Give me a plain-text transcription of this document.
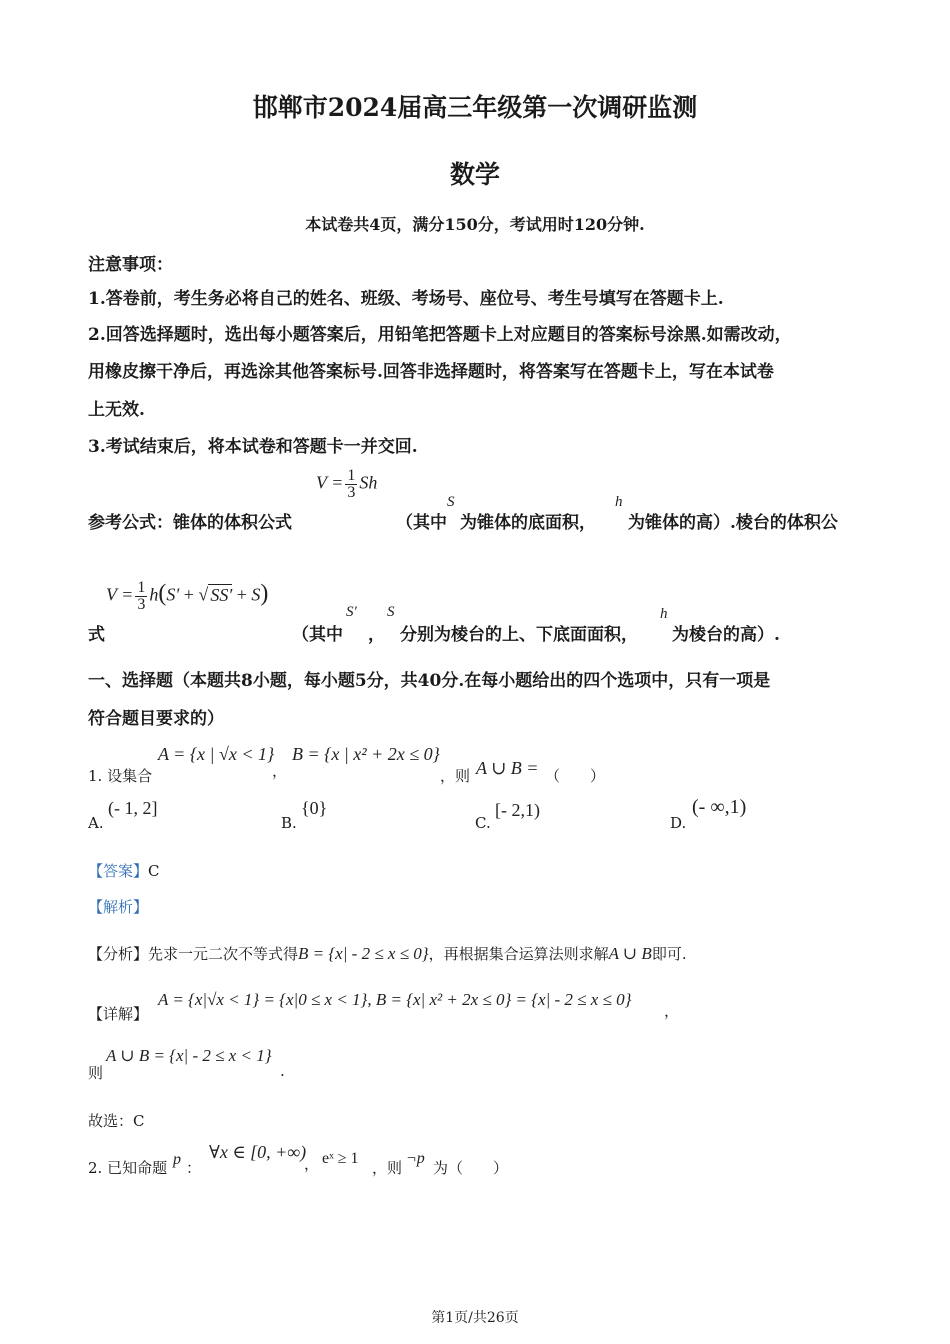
邯郸市2024届高三年级第一次调研监测
数学
本试卷共4页，满分150分，考试用时120分钟.
注意事项：
1.答卷前，考生务必将自己的姓名、班级、考场号、座位号、考生号填写在答题卡上.
2.回答选择题时，选出每小题答案后，用铅笔把答题卡上对应题目的答案标号涂黑.如需改动，
用橡皮擦干净后，再选涂其他答案标号.回答非选择题时，将答案写在答题卡上，写在本试卷
上无效.
3.考试结束后，将本试卷和答题卡一并交回.
参考公式：锥体的体积公式
$V = \frac{1}{3}$ Sh
（其中
S
为锥体的底面积，
h
为锥体的高）.棱台的体积公
式
$V = \frac{1}{3} h(S'$ + √ SS′ + S)
（其中
S′
，
S
分别为棱台的上、下底面面积，
h
为棱台的高）.
一、选择题（本题共8小题，每小题5分，共40分.在每小题给出的四个选项中，只有一项是
符合题目要求的）
1. 设集合
A = {x | √x < 1}
，
B = {x | x² + 2x ≤ 0}
，则 A ∪ B = （　　）
A.
(- 1, 2]
B.
{0}
C.
[- 2,1)
D.
(- ∞,1)
【答案】C
【解析】
【分析】先求一元二次不等式得B = {x| - 2 ≤ x ≤ 0}，再根据集合运算法则求解A ∪ B即可.
【详解】
A = {x|√x < 1} = {x|0 ≤ x < 1}, B = {x| x² + 2x ≤ 0} = {x| - 2 ≤ x ≤ 0}
，
则
A ∪ B = {x| - 2 ≤ x < 1}
.
故选：C
2. 已知命题 p ：
∀x ∈ [0, +∞)
， eˣ ≥ 1
，则
¬p
为（　　）
第1页/共26页
